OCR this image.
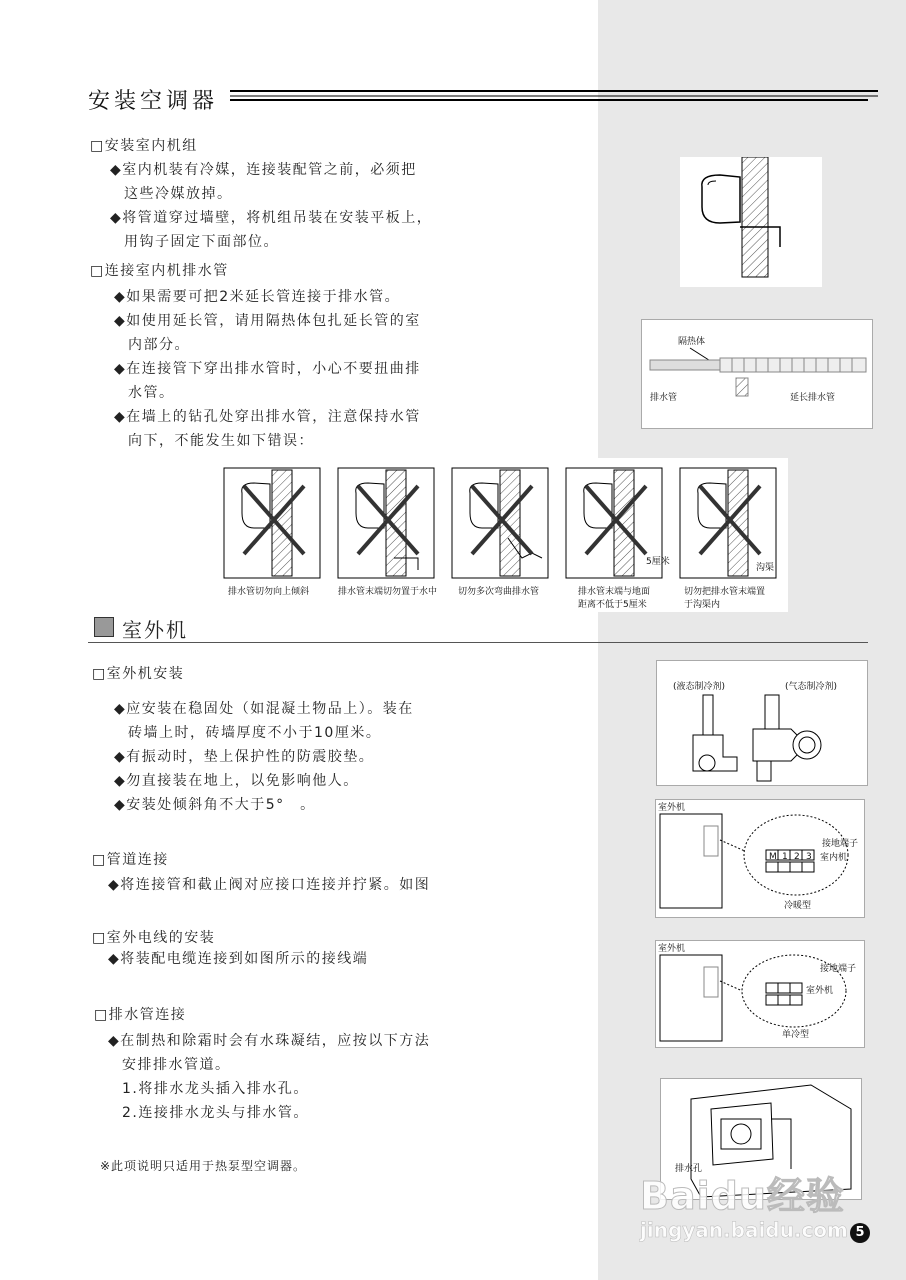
安装空调器
□安装室内机组
◆室内机装有冷媒，连接装配管之前，必须把
这些冷媒放掉。
◆将管道穿过墙壁，将机组吊装在安装平板上，
用钩子固定下面部位。
□连接室内机排水管
◆如果需要可把2米延长管连接于排水管。
◆如使用延长管，请用隔热体包扎延长管的室
内部分。
◆在连接管下穿出排水管时，小心不要扭曲排
水管。
◆在墙上的钻孔处穿出排水管，注意保持水管
向下，不能发生如下错误：
隔热体
排水管	延长排水管
5厘米
沟渠
排水管切勿向上倾斜	排水管末端切勿置于水中 切勿多次弯曲排水管	排水管末端与地面
距离不低于5厘米
切勿把排水管末端置
于沟渠内
室外机
□室外机安装
◆应安装在稳固处（如混凝土物品上）。装在
砖墙上时，砖墙厚度不小于10厘米。
◆有振动时，垫上保护性的防震胶垫。
◆勿直接装在地上，以免影响他人。
◆安装处倾斜角不大于5°　。
□管道连接
◆将连接管和截止阀对应接口连接并拧紧。如图
□室外电线的安装
◆将装配电缆连接到如图所示的接线端
□排水管连接
◆在制热和除霜时会有水珠凝结，应按以下方法
安排排水管道。
1.将排水龙头插入排水孔。
2.连接排水龙头与排水管。
※此项说明只适用于热泵型空调器。
(液态制冷剂)	(气态制冷剂)
室外机
M 1 2 3
接地端子
室内机
冷暖型
室外机
接地端子
室外机
单冷型
排水孔
Baidu经验
jingyan.baidu.com 5
